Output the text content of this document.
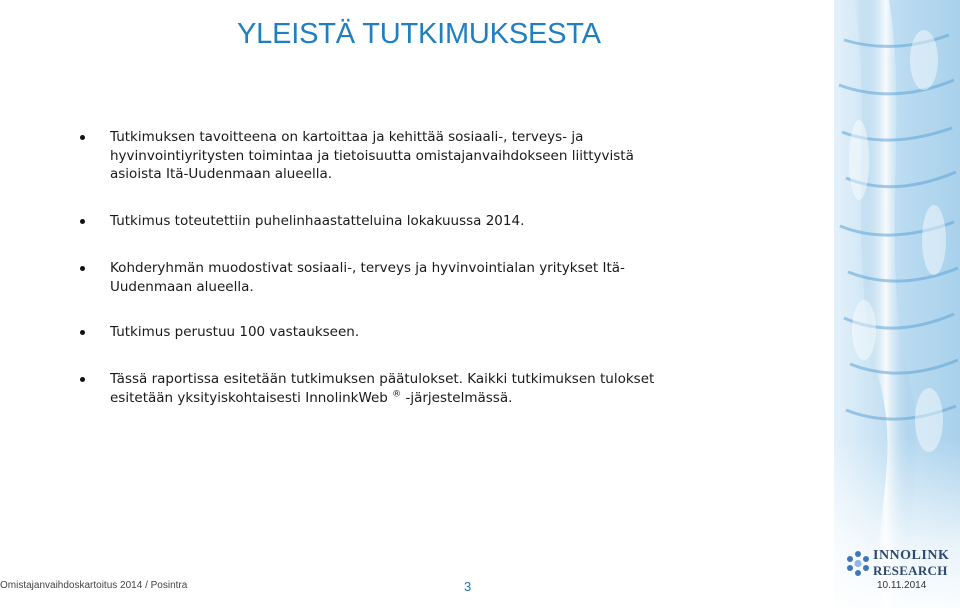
YLEISTÄ TUTKIMUKSESTA
Tutkimuksen tavoitteena on kartoittaa ja kehittää sosiaali-, terveys- ja hyvinvointiyritysten toimintaa ja tietoisuutta omistajanvaihdokseen liittyvistä asioista Itä-Uudenmaan alueella.
Tutkimus toteutettiin puhelinhaastatteluina lokakuussa 2014.
Kohderyhmän muodostivat sosiaali-, terveys ja hyvinvointialan yritykset Itä-Uudenmaan alueella.
Tutkimus perustuu 100 vastaukseen.
Tässä raportissa esitetään tutkimuksen päätulokset. Kaikki tutkimuksen tulokset esitetään yksityiskohtaisesti InnolinkWeb ® -järjestelmässä.
INNOLINK
RESEARCH
Omistajanvaihdoskartoitus 2014 / Posintra	3	10.11.2014
